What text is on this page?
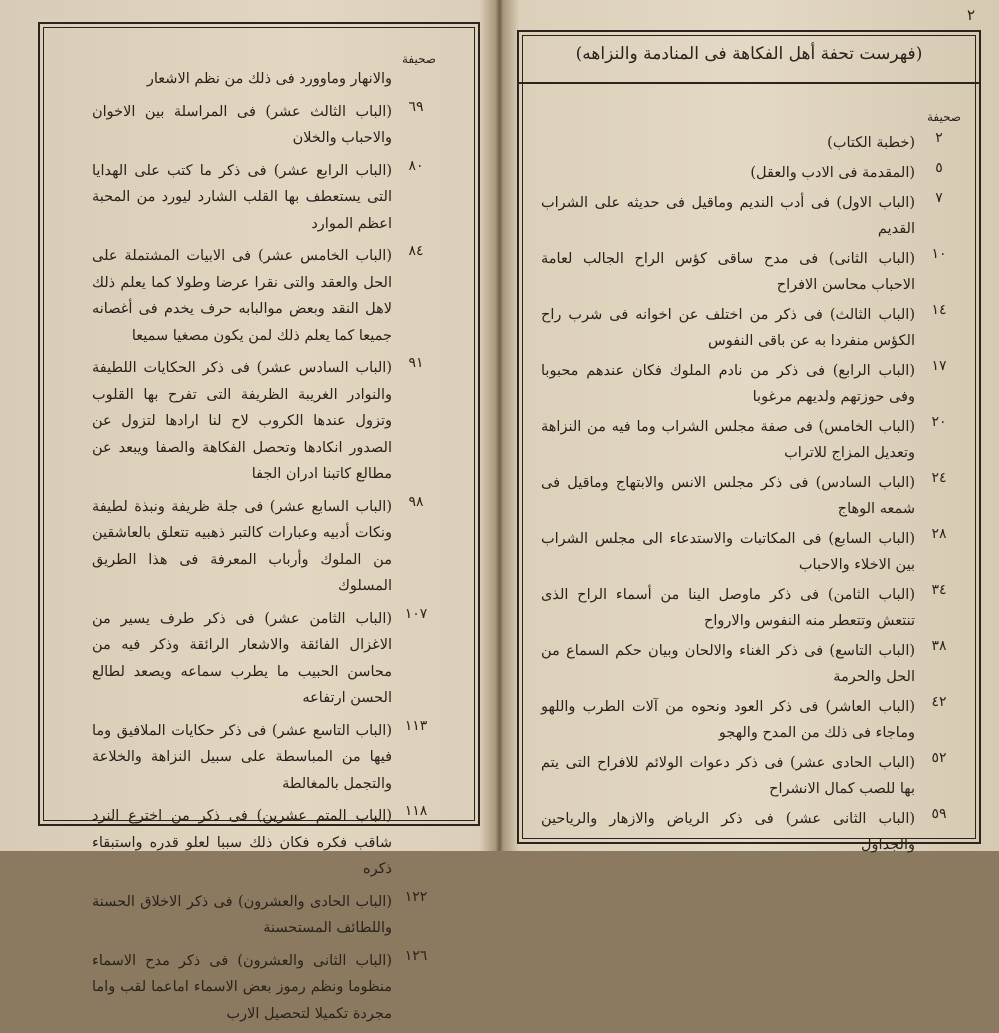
صحيفة
والانهار وماوورد فى ذلك من نظم الاشعار
٦٩
(الباب الثالث عشر) فى المراسلة بين الاخوان والاحباب والخلان
٨٠
(الباب الرابع عشر) فى ذكر ما كتب على الهدايا التى يستعطف بها القلب الشارد ليورد من المحبة اعظم الموارد
٨٤
(الباب الخامس عشر) فى الابيات المشتملة على الحل والعقد والتى نقرا عرضا وطولا كما يعلم ذلك لاهل النقد وبعض موالبابه حرف يخدم فى أغصانه جميعا كما يعلم ذلك لمن يكون مصغيا سميعا
٩١
(الباب السادس عشر) فى ذكر الحكايات اللطيفة والنوادر الغريبة الظريفة التى تفرح بها القلوب وتزول عندها الكروب لاح لنا ارادها لتزول عن الصدور انكادها وتحصل الفكاهة والصفا ويبعد عن مطالع كاتبنا ادران الجفا
٩٨
(الباب السابع عشر) فى جلة ظريفة ونبذة لطيفة ونكات أدبيه وعبارات كالتبر ذهبيه تتعلق بالعاشقين من الملوك وأرباب المعرفة فى هذا الطريق المسلوك
١٠٧
(الباب الثامن عشر) فى ذكر طرف يسير من الاغزال الفائقة والاشعار الرائقة وذكر فيه من محاسن الحبيب ما يطرب سماعه ويصعد لطالع الحسن ارتفاعه
١١٣
(الباب التاسع عشر) فى ذكر حكايات الملافيق وما فيها من المباسطة على سبيل النزاهة والخلاعة والتجمل بالمغالطة
١١٨
(الباب المتم عشرين) فى ذكر من اخترع النرد شاقب فكره فكان ذلك سببا لعلو قدره واستبقاء ذكره
١٢٢
(الباب الحادى والعشرون) فى ذكر الاخلاق الحسنة واللطائف المستحسنة
١٢٦
(الباب الثانى والعشرون) فى ذكر مدح الاسماء منظوما ونظم رموز بعض الاسماء اماعما لقب واما مجردة تكميلا لتحصيل الارب
٢
(فهرست تحفة أهل الفكاهة فى المنادمة والنزاهه)
صحيفة
٢
(خطبة الكتاب)
٥
(المقدمة فى الادب والعقل)
٧
(الباب الاول) فى أدب النديم وماقيل فى حديثه على الشراب القديم
١٠
(الباب الثانى) فى مدح ساقى كؤس الراح الجالب لعامة الاحباب محاسن الافراح
١٤
(الباب الثالث) فى ذكر من اختلف عن اخوانه فى شرب راح الكؤس منفردا به عن باقى النفوس
١٧
(الباب الرابع) فى ذكر من نادم الملوك فكان عندهم محبوبا وفى حوزتهم ولديهم مرغوبا
٢٠
(الباب الخامس) فى صفة مجلس الشراب وما فيه من النزاهة وتعديل المزاج للاتراب
٢٤
(الباب السادس) فى ذكر مجلس الانس والابتهاج وماقيل فى شمعه الوهاج
٢٨
(الباب السابع) فى المكاتبات والاستدعاء الى مجلس الشراب بين الاخلاء والاحباب
٣٤
(الباب الثامن) فى ذكر ماوصل الينا من أسماء الراح الذى تنتعش وتتعطر منه النفوس والارواح
٣٨
(الباب التاسع) فى ذكر الغناء والالحان وبيان حكم السماع من الحل والحرمة
٤٢
(الباب العاشر) فى ذكر العود ونحوه من آلات الطرب واللهو وماجاء فى ذلك من المدح والهجو
٥٢
(الباب الحادى عشر) فى ذكر دعوات الولائم للافراح التى يتم بها للصب كمال الانشراح
٥٩
(الباب الثانى عشر) فى ذكر الرياض والازهار والرياحين والجداول
